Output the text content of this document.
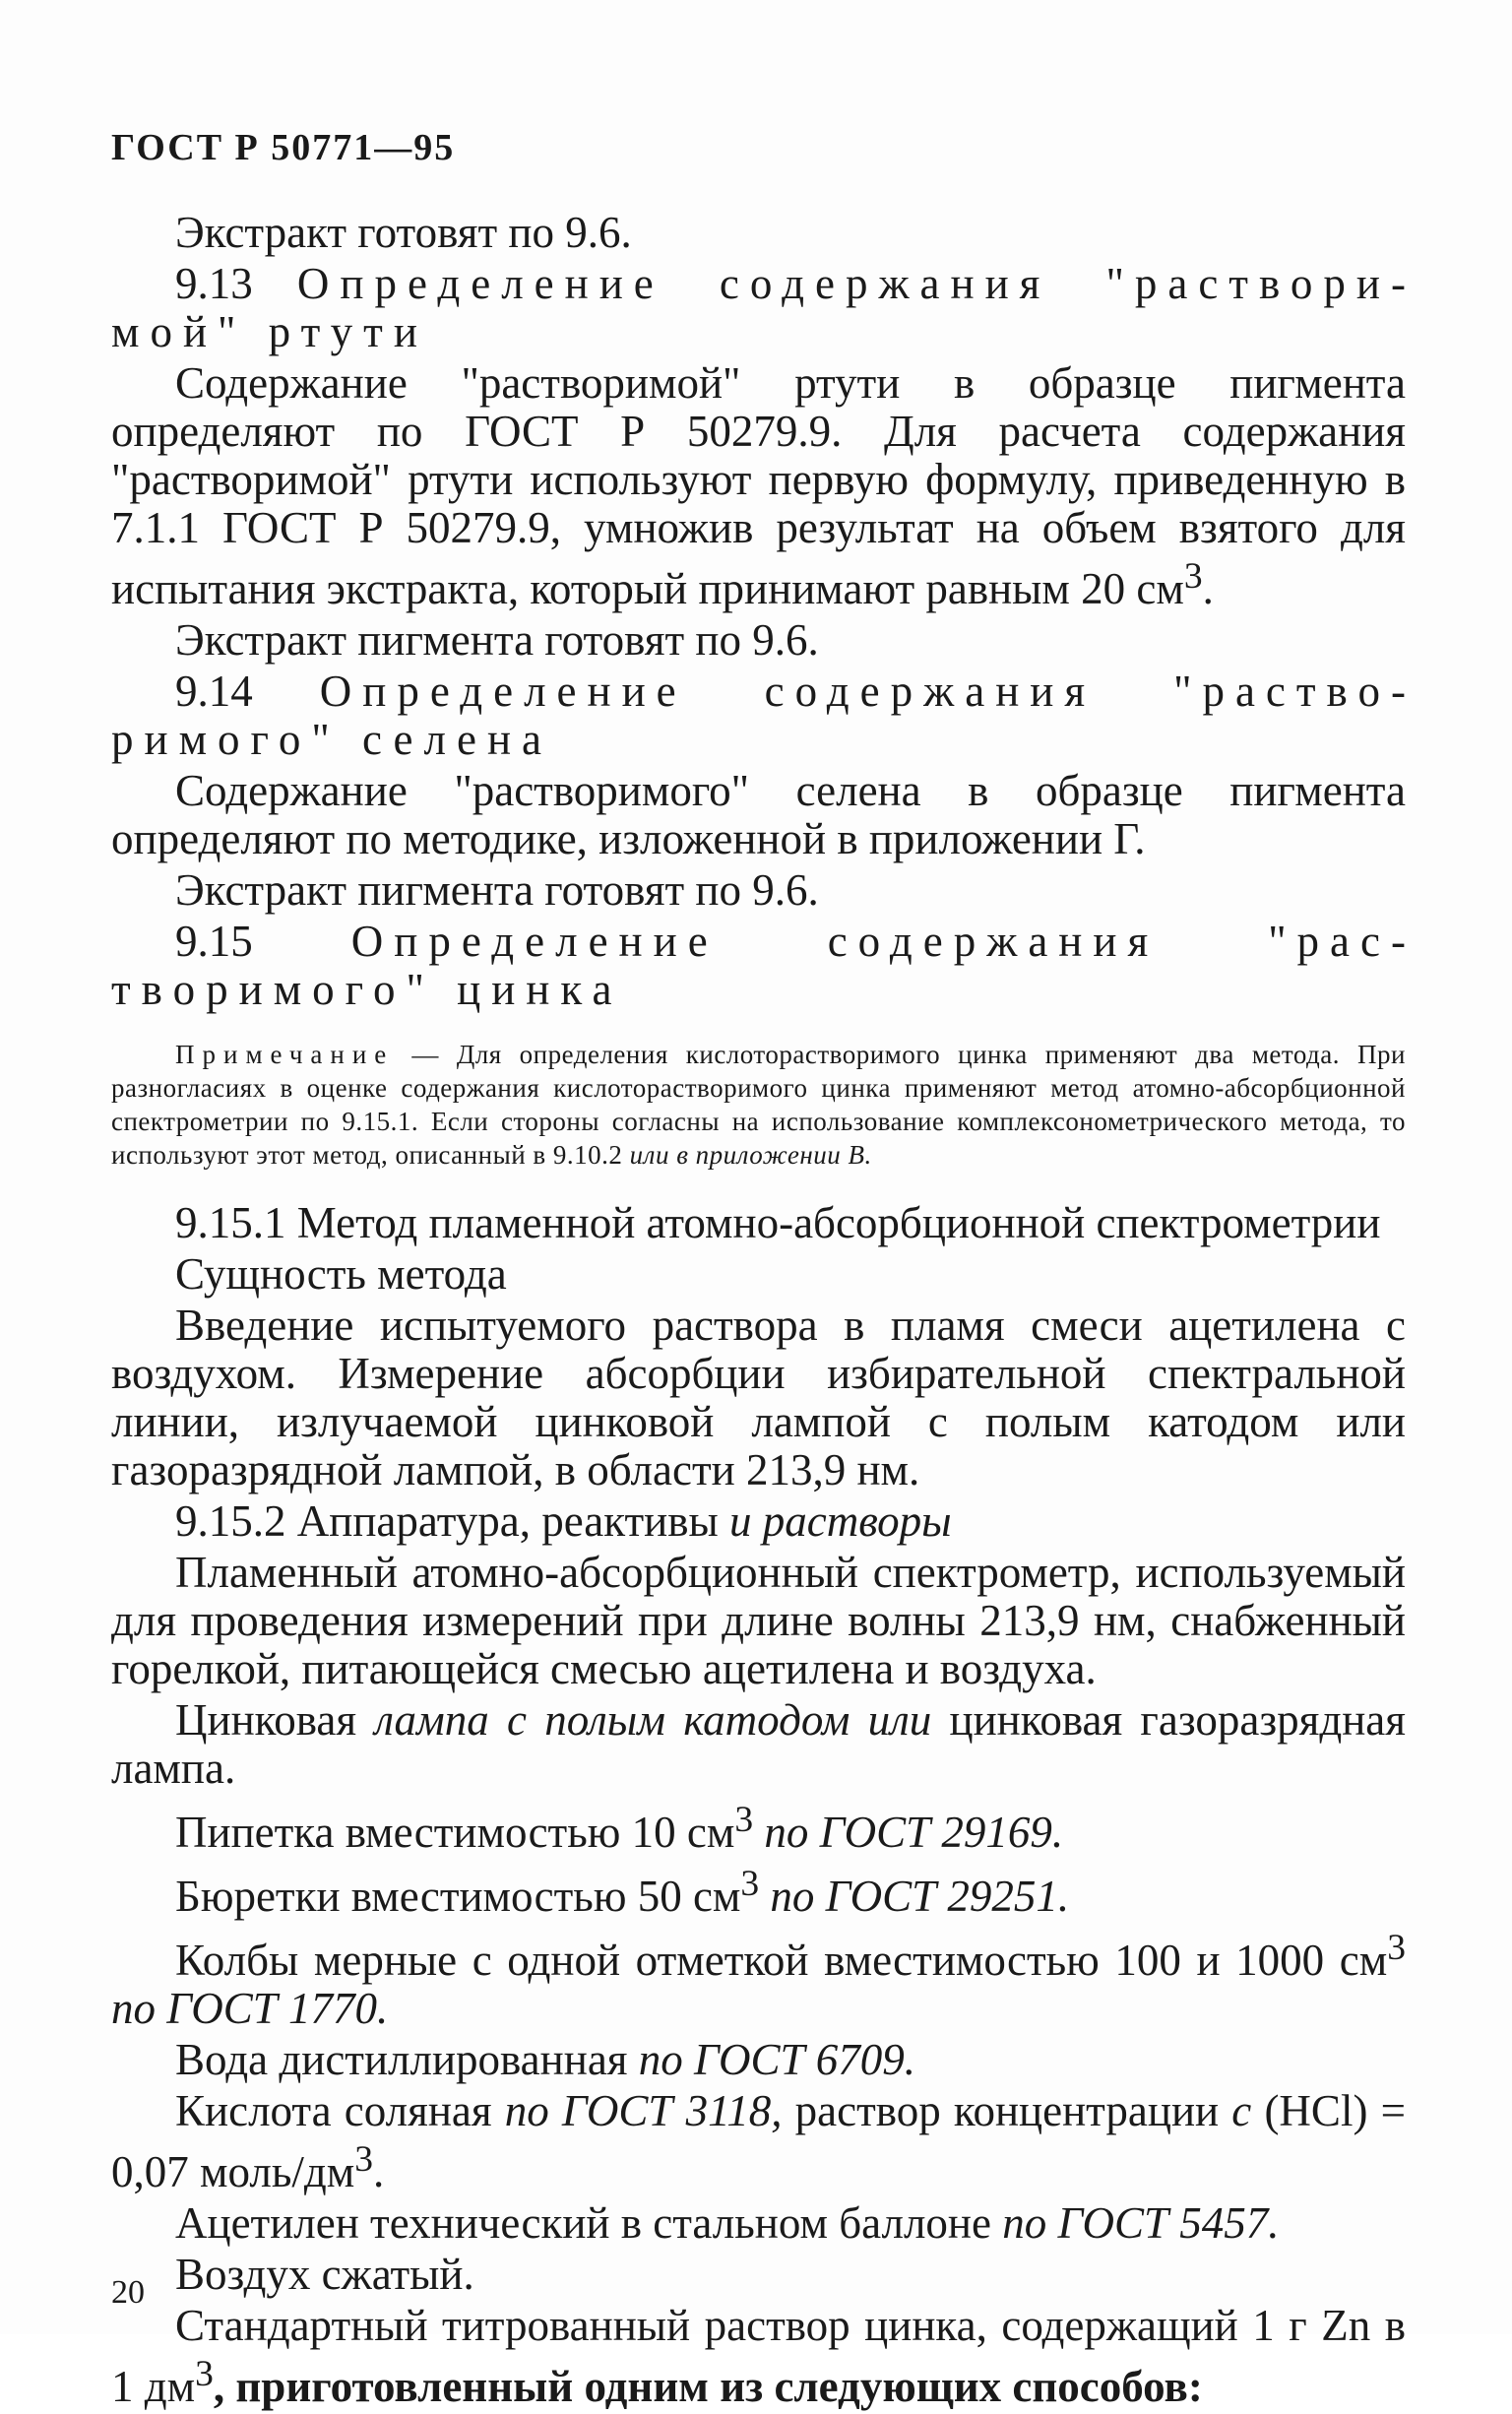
ГОСТ Р 50771—95

Экстракт готовят по 9.6.

9.13 Определение содержания "растворимой" ртути

Содержание "растворимой" ртути в образце пигмента определяют по ГОСТ Р 50279.9. Для расчета содержания "растворимой" ртути используют первую формулу, приведенную в 7.1.1 ГОСТ Р 50279.9, умножив результат на объем взятого для испытания экстракта, который принимают равным 20 $см^3$.

Экстракт пигмента готовят по 9.6.

9.14 Определение содержания "растворимого" селена

Содержание "растворимого" селена в образце пигмента определяют по методике, изложенной в приложении Г.

Экстракт пигмента готовят по 9.6.

9.15 Определение содержания "растворимого" цинка

Примечание — Для определения кислоторастворимого цинка применяют два метода. При разногласиях в оценке содержания кислоторастворимого цинка применяют метод атомно-абсорбционной спектрометрии по 9.15.1. Если стороны согласны на использование комплексонометрического метода, то используют этот метод, описанный в 9.10.2 или в приложении В.

9.15.1 Метод пламенной атомно-абсорбционной спектрометрии

Сущность метода

Введение испытуемого раствора в пламя смеси ацетилена с воздухом. Измерение абсорбции избирательной спектральной линии, излучаемой цинковой лампой с полым катодом или газоразрядной лампой, в области 213,9 нм.

9.15.2 Аппаратура, реактивы и растворы

Пламенный атомно-абсорбционный спектрометр, используемый для проведения измерений при длине волны 213,9 нм, снабженный горелкой, питающейся смесью ацетилена и воздуха.

Цинковая лампа с полым катодом или цинковая газоразрядная лампа.

Пипетка вместимостью 10 $см^3$ по ГОСТ 29169.

Бюретки вместимостью 50 $см^3$ по ГОСТ 29251.

Колбы мерные с одной отметкой вместимостью 100 и 1000 $см^3$ по ГОСТ 1770.

Вода дистиллированная по ГОСТ 6709.

Кислота соляная по ГОСТ 3118, раствор концентрации с (НСl) = 0,07 моль/$дм^3$.

Ацетилен технический в стальном баллоне по ГОСТ 5457.

Воздух сжатый.

Стандартный титрованный раствор цинка, содержащий 1 г Zn в 1 $дм^3$, приготовленный одним из следующих способов:

20
